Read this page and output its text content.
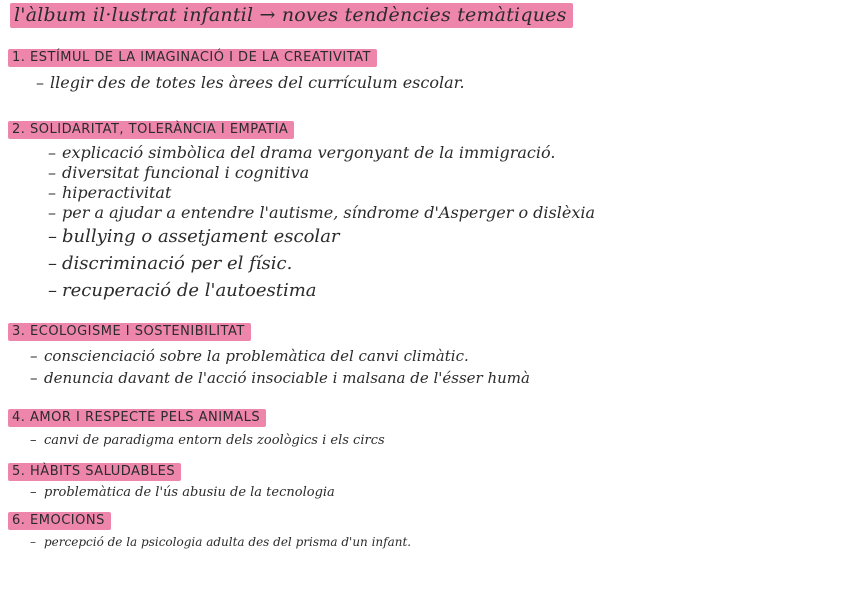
l'àlbum il·lustrat infantil → noves tendències temàtiques
1. ESTÍMUL DE LA IMAGINACIÓ I DE LA CREATIVITAT
– llegir des de totes les àrees del currículum escolar.
2. SOLIDARITAT, TOLERÀNCIA I EMPATIA
– explicació simbòlica del drama vergonyant de la immigració.
– diversitat funcional i cognitiva
– hiperactivitat
– per a ajudar a entendre l'autisme, síndrome d'Asperger o dislèxia
– bullying o assetjament escolar
– discriminació per el físic.
– recuperació de l'autoestima
3. ECOLOGISME I SOSTENIBILITAT
– conscienciació sobre la problemàtica del canvi climàtic.
– denuncia davant de l'acció insociable i malsana de l'ésser humà
4. AMOR I RESPECTE PELS ANIMALS
– canvi de paradigma entorn dels zoològics i els circs
5. HÀBITS SALUDABLES
– problemàtica de l'ús abusiu de la tecnologia
6. EMOCIONS
– percepció de la psicologia adulta des del prisma d'un infant.
